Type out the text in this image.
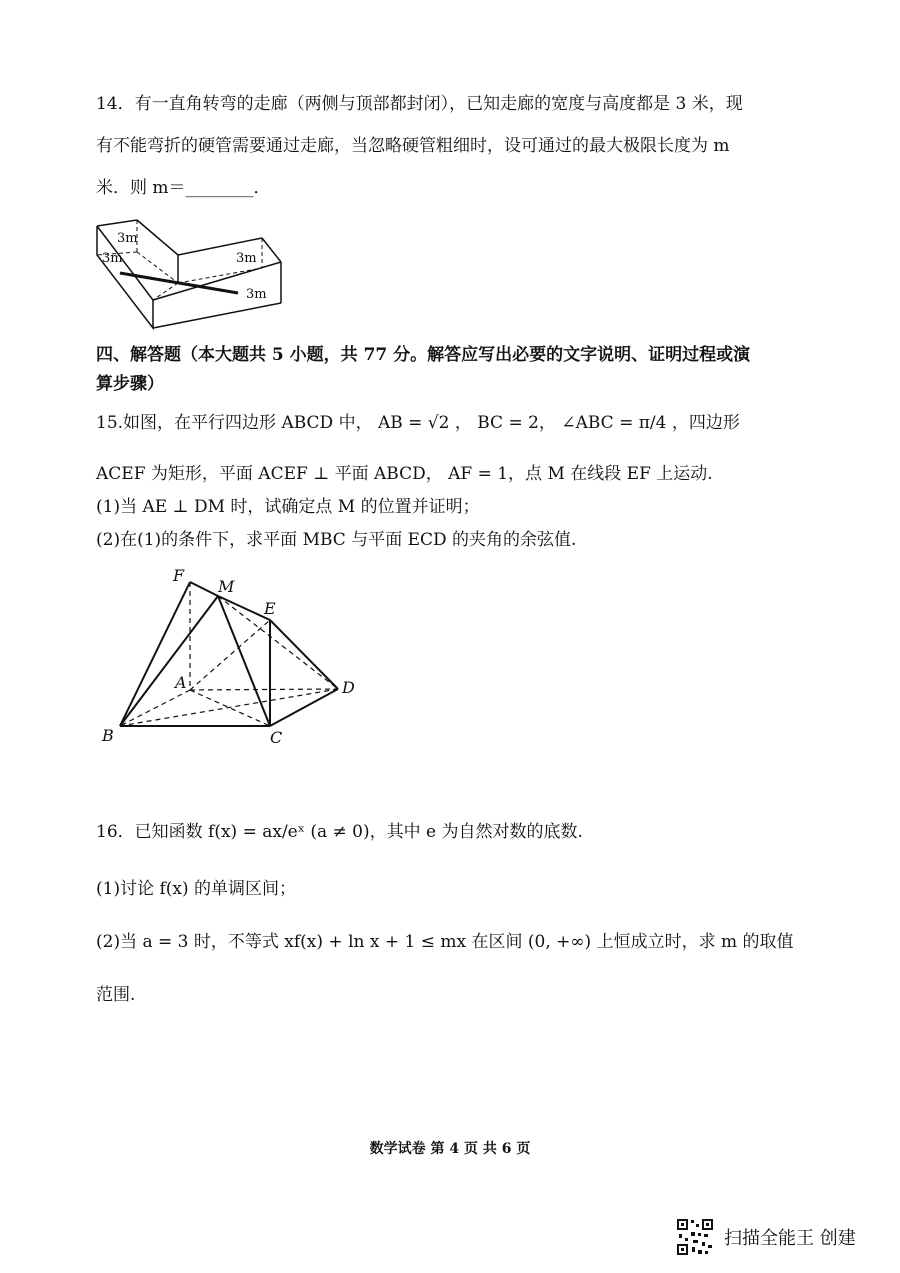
14．有一直角转弯的走廊（两侧与顶部都封闭），已知走廊的宽度与高度都是 3 米，现
有不能弯折的硬管需要通过走廊，当忽略硬管粗细时，设可通过的最大极限长度为 m
米．则 m＝________．
3m
3m	3m
3m
四、解答题（本大题共 5 小题，共 77 分。解答应写出必要的文字说明、证明过程或演
算步骤）
15.如图，在平行四边形 ABCD 中， AB = √2 ， BC = 2， ∠ABC = π/4 ，四边形
ACEF 为矩形，平面 ACEF ⊥ 平面 ABCD， AF = 1，点 M 在线段 EF 上运动.
(1)当 AE ⊥ DM 时，试确定点 M 的位置并证明；
(2)在(1)的条件下，求平面 MBC 与平面 ECD 的夹角的余弦值.
F
M
E
A	D
B	C
16．已知函数 f(x) = ax/eˣ (a ≠ 0)，其中 e 为自然对数的底数.
(1)讨论 f(x) 的单调区间；
(2)当 a = 3 时，不等式 xf(x) + ln x + 1 ≤ mx 在区间 (0, +∞) 上恒成立时，求 m 的取值
范围.
数学试卷 第 4 页 共 6 页
扫描全能王 创建
